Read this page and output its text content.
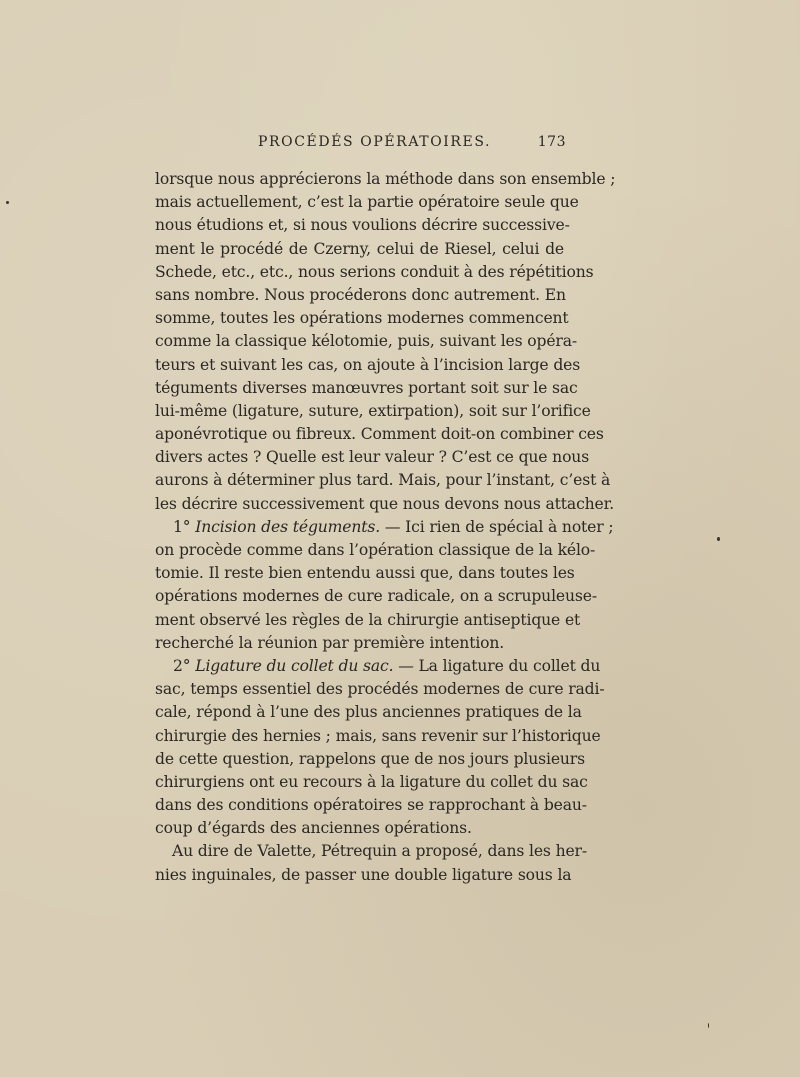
PROCÉDÉS OPÉRATOIRES.	173
lorsque nous apprécierons la méthode dans son ensemble ;
mais actuellement, c’est la partie opératoire seule que
nous étudions et, si nous voulions décrire successive-
ment le procédé de Czerny, celui de Riesel, celui de
Schede, etc., etc., nous serions conduit à des répétitions
sans nombre. Nous procéderons donc autrement. En
somme, toutes les opérations modernes commencent
comme la classique kélotomie, puis, suivant les opéra-
teurs et suivant les cas, on ajoute à l’incision large des
téguments diverses manœuvres portant soit sur le sac
lui-même (ligature, suture, extirpation), soit sur l’orifice
aponévrotique ou fibreux. Comment doit-on combiner ces
divers actes ? Quelle est leur valeur ? C’est ce que nous
aurons à déterminer plus tard. Mais, pour l’instant, c’est à
les décrire successivement que nous devons nous attacher.
1° Incision des téguments. — Ici rien de spécial à noter ;
on procède comme dans l’opération classique de la kélo-
tomie. Il reste bien entendu aussi que, dans toutes les
opérations modernes de cure radicale, on a scrupuleuse-
ment observé les règles de la chirurgie antiseptique et
recherché la réunion par première intention.
2° Ligature du collet du sac. — La ligature du collet du
sac, temps essentiel des procédés modernes de cure radi-
cale, répond à l’une des plus anciennes pratiques de la
chirurgie des hernies ; mais, sans revenir sur l’historique
de cette question, rappelons que de nos jours plusieurs
chirurgiens ont eu recours à la ligature du collet du sac
dans des conditions opératoires se rapprochant à beau-
coup d’égards des anciennes opérations.
Au dire de Valette, Pétrequin a proposé, dans les her-
nies inguinales, de passer une double ligature sous la
